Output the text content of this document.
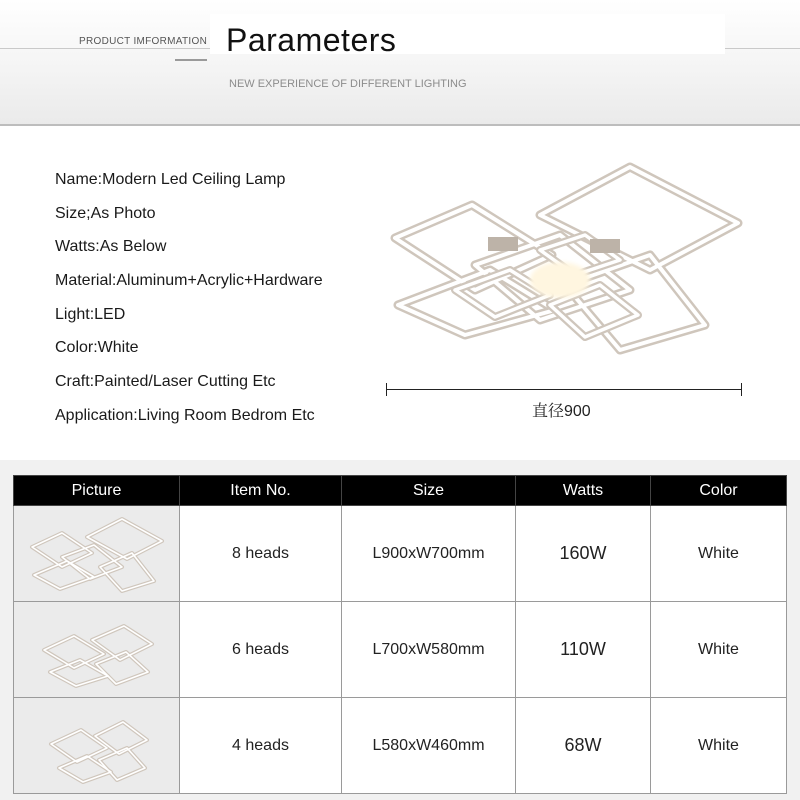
PRODUCT IMFORMATION Parameters
NEW EXPERIENCE OF DIFFERENT LIGHTING
Name:Modern Led Ceiling Lamp
Size;As Photo
Watts:As Below
Material:Aluminum+Acrylic+Hardware
Light:LED
Color:White
Craft:Painted/Laser Cutting Etc
Application:Living Room Bedrom Etc	直径900
Picture	Item No.	Size	Watts	Color

	8 heads	L900xW700mm	160W	White

	6 heads	L700xW580mm	110W	White

	4 heads	L580xW460mm	68W	White
